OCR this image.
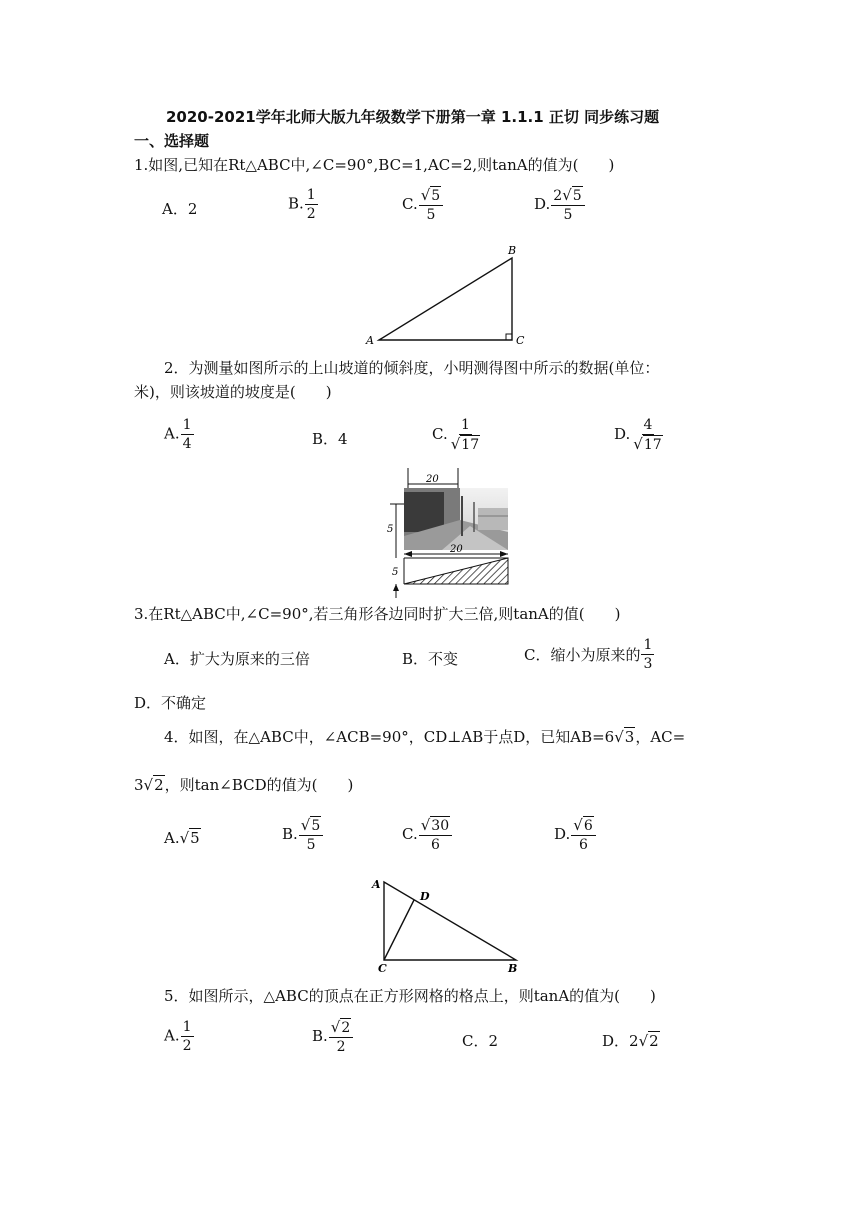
2020-2021学年北师大版九年级数学下册第一章 1.1.1 正切 同步练习题
一、选择题
1.如图,已知在Rt△ABC中,∠C=90°,BC=1,AC=2,则tanA的值为(　　)
A．2	B. $\frac{1}{2}$	C. $\frac{√5}{5}$	D. $\frac{2√5}{5}$
A
B
C
2．为测量如图所示的上山坡道的倾斜度，小明测得图中所示的数据(单位：
米)，则该坡道的坡度是(　　)
A. $\frac{1}{4}$	B．4	C. $\frac{1}{√17}$	D. $\frac{4}{√17}$
20
5
20
5
3.在Rt△ABC中,∠C=90°,若三角形各边同时扩大三倍,则tanA的值(　　)
A．扩大为原来的三倍	B．不变	C．缩小为原来的 $\frac{1}{3}$
D．不确定
4．如图，在△ABC中，∠ACB=90°，CD⊥AB于点D，已知AB=6√3，AC=
3√2，则tan∠BCD的值为(　　)
A.√5	B. $\frac{√5}{5}$	C. $\frac{√30}{6}$	D. $\frac{√6}{6}$
A
D
C	B
5．如图所示，△ABC的顶点在正方形网格的格点上，则tanA的值为(　　)
A. $\frac{1}{2}$	B. $\frac{√2}{2}$	C．2	D．2√2
